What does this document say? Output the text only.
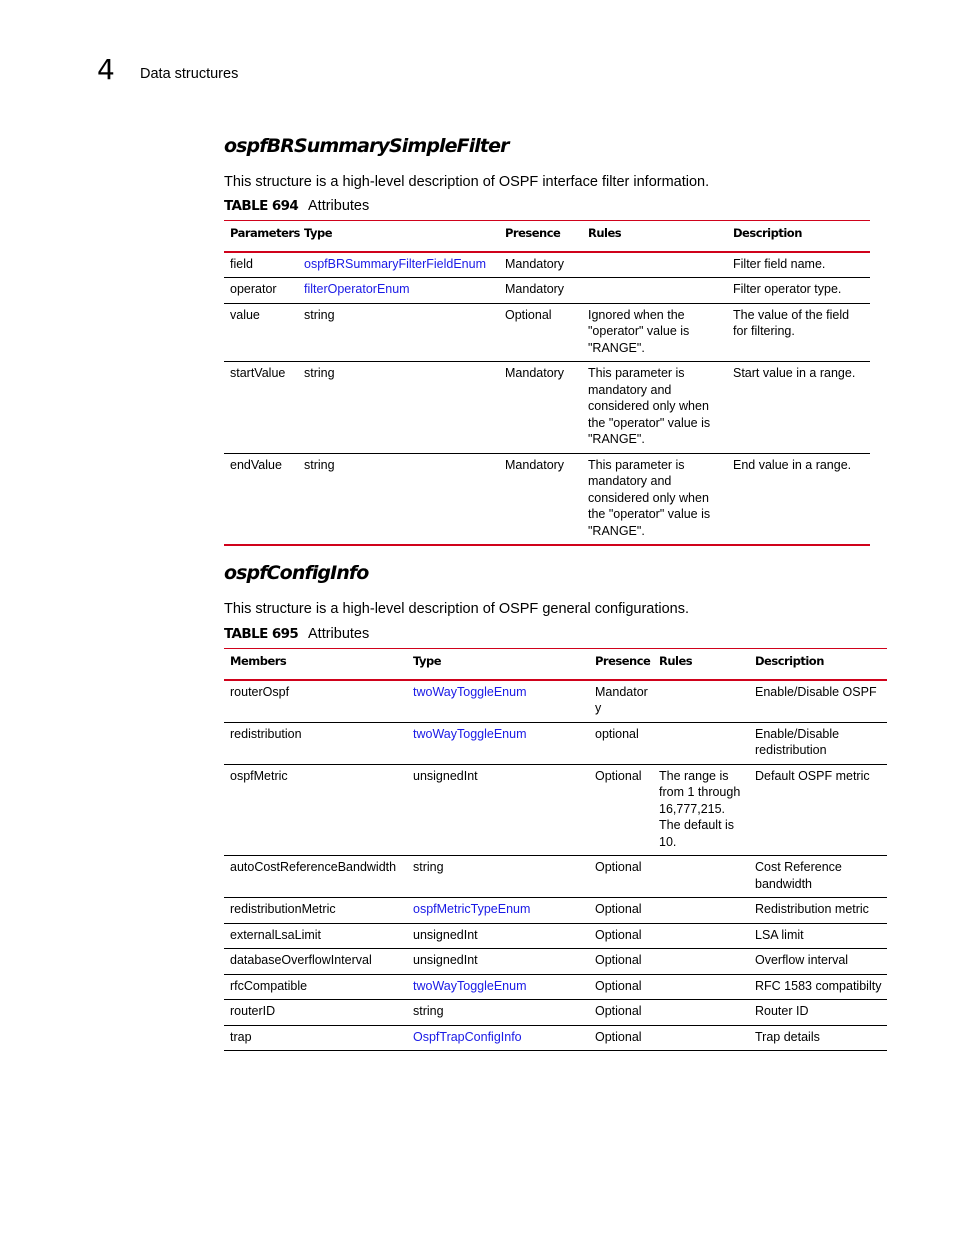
4 Data structures
ospfBRSummarySimpleFilter
This structure is a high-level description of OSPF interface filter information.
TABLE 694 Attributes
Parameters	Type	Presence	Rules	Description
field	ospfBRSummaryFilterFieldEnum	Mandatory		Filter field name.
operator	filterOperatorEnum	Mandatory		Filter operator type.
value	string	Optional	Ignored when the "operator" value is "RANGE".	The value of the field for filtering.
startValue	string	Mandatory	This parameter is mandatory and considered only when the "operator" value is "RANGE".	Start value in a range.
endValue	string	Mandatory	This parameter is mandatory and considered only when the "operator" value is "RANGE".	End value in a range.
ospfConfigInfo
This structure is a high-level description of OSPF general configurations.
TABLE 695 Attributes
Members	Type	Presence	Rules	Description
routerOspf	twoWayToggleEnum	Mandatory		Enable/Disable OSPF
redistribution	twoWayToggleEnum	optional		Enable/Disable redistribution
ospfMetric	unsignedInt	Optional	The range is from 1 through 16,777,215. The default is 10.	Default OSPF metric
autoCostReferenceBandwidth	string	Optional		Cost Reference bandwidth
redistributionMetric	ospfMetricTypeEnum	Optional		Redistribution metric
externalLsaLimit	unsignedInt	Optional		LSA limit
databaseOverflowInterval	unsignedInt	Optional		Overflow interval
rfcCompatible	twoWayToggleEnum	Optional		RFC 1583 compatibilty
routerID	string	Optional		Router ID
trap	OspfTrapConfigInfo	Optional		Trap details
